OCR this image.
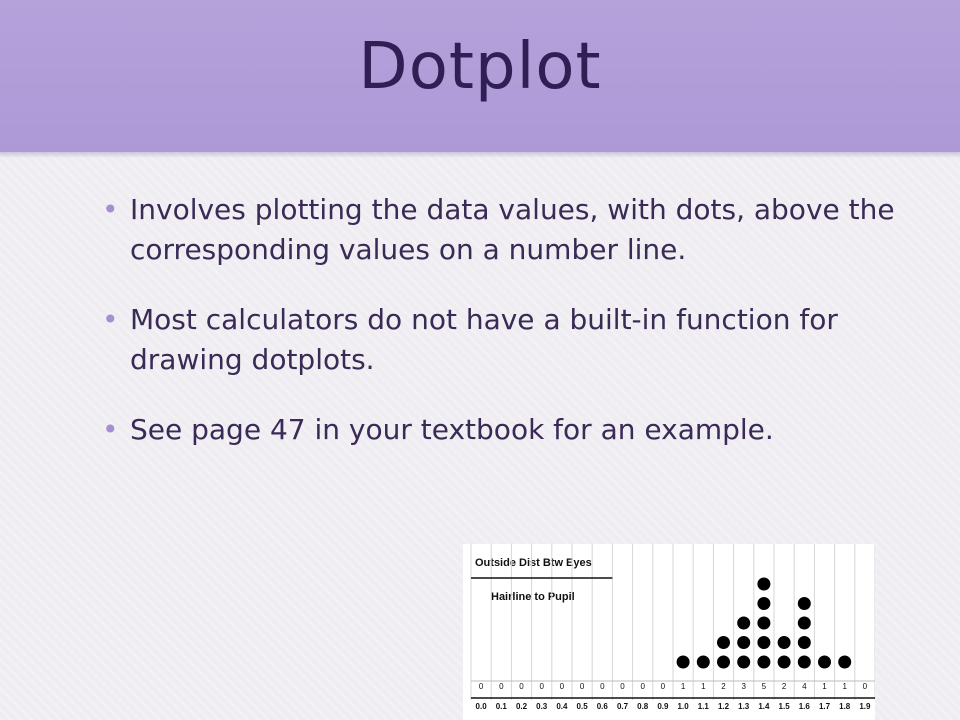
Dotplot
• Involves plotting the data values, with dots, above the corresponding values on a number line.
• Most calculators do not have a built-in function for drawing dotplots.
• See page 47 in your textbook for an example.
Outside Dist Btw Eyes
Hairline to Pupil
0
0.0
0
0.1
0
0.2
0
0.3
0
0.4
0
0.5
0
0.6
0
0.7
0
0.8
0
0.9
1
1.0
1
1.1
2
1.2
3
1.3
5
1.4
2
1.5
4
1.6
1
1.7
1
1.8
0
1.9
